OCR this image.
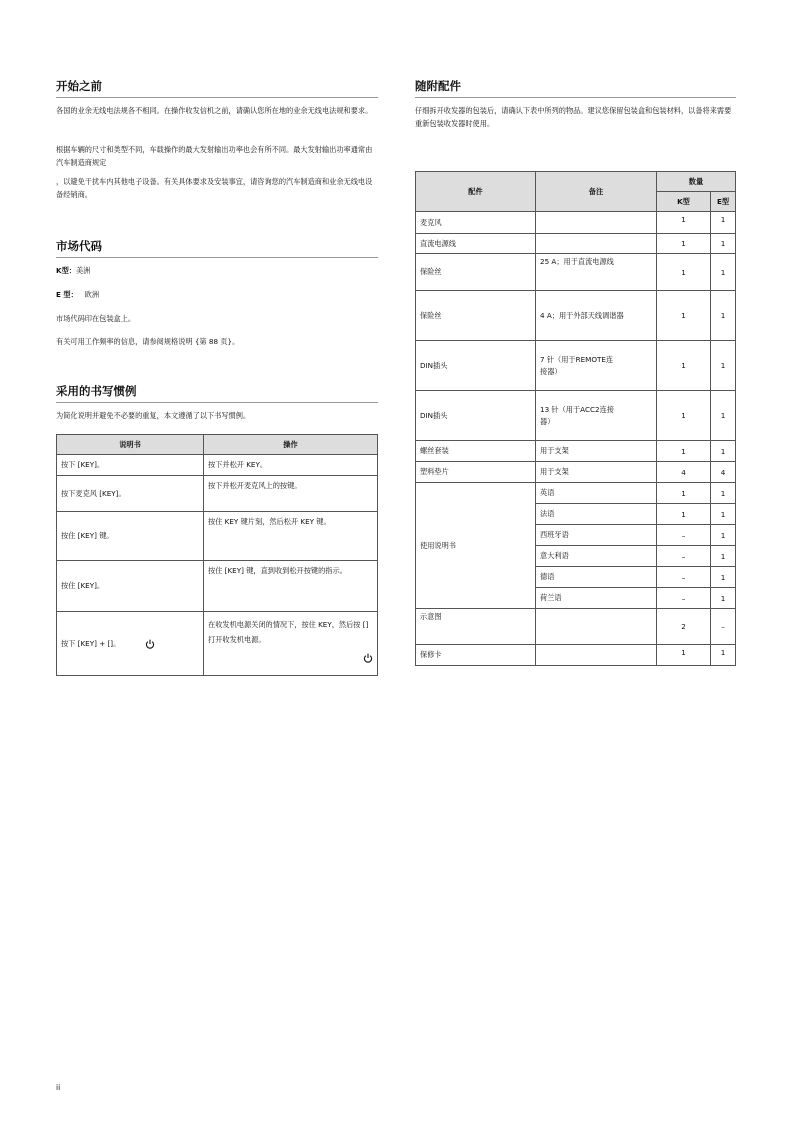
开始之前

各国的业余无线电法规各不相同。在操作收发信机之前，请确认您所在地的业余无线电法规和要求。

根据车辆的尺寸和类型不同，车载操作的最大发射输出功率也会有所不同。最大发射输出功率通常由汽车制造商规定

，以避免干扰车内其他电子设备。有关具体要求及安装事宜，请咨询您的汽车制造商和业余无线电设备经销商。

市场代码

K型：美洲

E 型： 欧洲

市场代码印在包装盒上。

有关可用工作频率的信息，请参阅规格说明 {第 88 页}。

采用的书写惯例

为简化说明并避免不必要的重复，本文遵循了以下书写惯例。

说明书	操作
按下 [KEY]。	按下并松开 KEY。
按下麦克风 [KEY]。	按下并松开麦克风上的按键。
按住 [KEY] 键。	按住 KEY 键片刻，然后松开 KEY 键。
按住 [KEY]。	按住 [KEY] 键，直到收到松开按键的指示。
按下 [KEY] + []。	在收发机电源关闭的情况下，按住 KEY，然后按 [] 打开收发机电源。
随附配件

仔细拆开收发器的包装后，请确认下表中所列的物品。建议您保留包装盒和包装材料，以备将来需要重新包装收发器时使用。

配件	备注	数量	
		K型	E型
麦克风		1	1
直流电源线		1	1
保险丝	25 A；用于直流电源线	1	1
保险丝	4 A；用于外部天线调谐器	1	1
DIN插头	7 针（用于REMOTE连接器）	1	1
DIN插头	13 针（用于ACC2连接器）	1	1
螺丝套装	用于支架	1	1
塑料垫片	用于支架	4	4
使用说明书	英语	1	1
	法语	1	1
	西班牙语	–	1
	意大利语	–	1
	德语	–	1
	荷兰语	–	1
示意图		2	–
保修卡		1	1
ii
